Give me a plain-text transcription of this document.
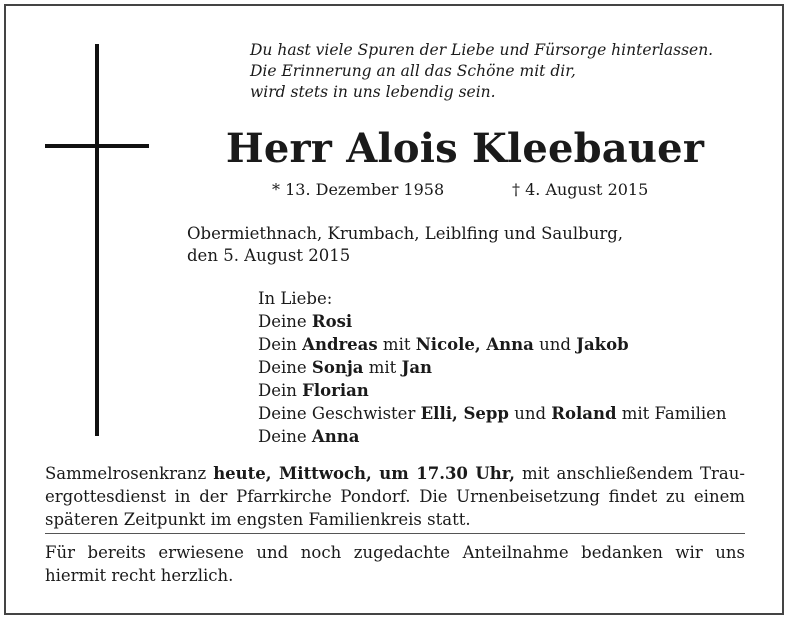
Du hast viele Spuren der Liebe und Fürsorge hinterlassen.
Die Erinnerung an all das Schöne mit dir,
wird stets in uns lebendig sein.
Herr Alois Kleebauer
* 13. Dezember 1958	† 4. August 2015
Obermiethnach, Krumbach, Leiblfing und Saulburg,
den 5. August 2015
In Liebe:
Deine Rosi
Dein Andreas mit Nicole, Anna und Jakob
Deine Sonja mit Jan
Dein Florian
Deine Geschwister Elli, Sepp und Roland mit Familien
Deine Anna
Sammelrosenkranz heute, Mittwoch, um 17.30 Uhr, mit anschließendem Trau-
ergottesdienst in der Pfarrkirche Pondorf. Die Urnenbeisetzung findet zu einem
späteren Zeitpunkt im engsten Familienkreis statt.
Für bereits erwiesene und noch zugedachte Anteilnahme bedanken wir uns
hiermit recht herzlich.
